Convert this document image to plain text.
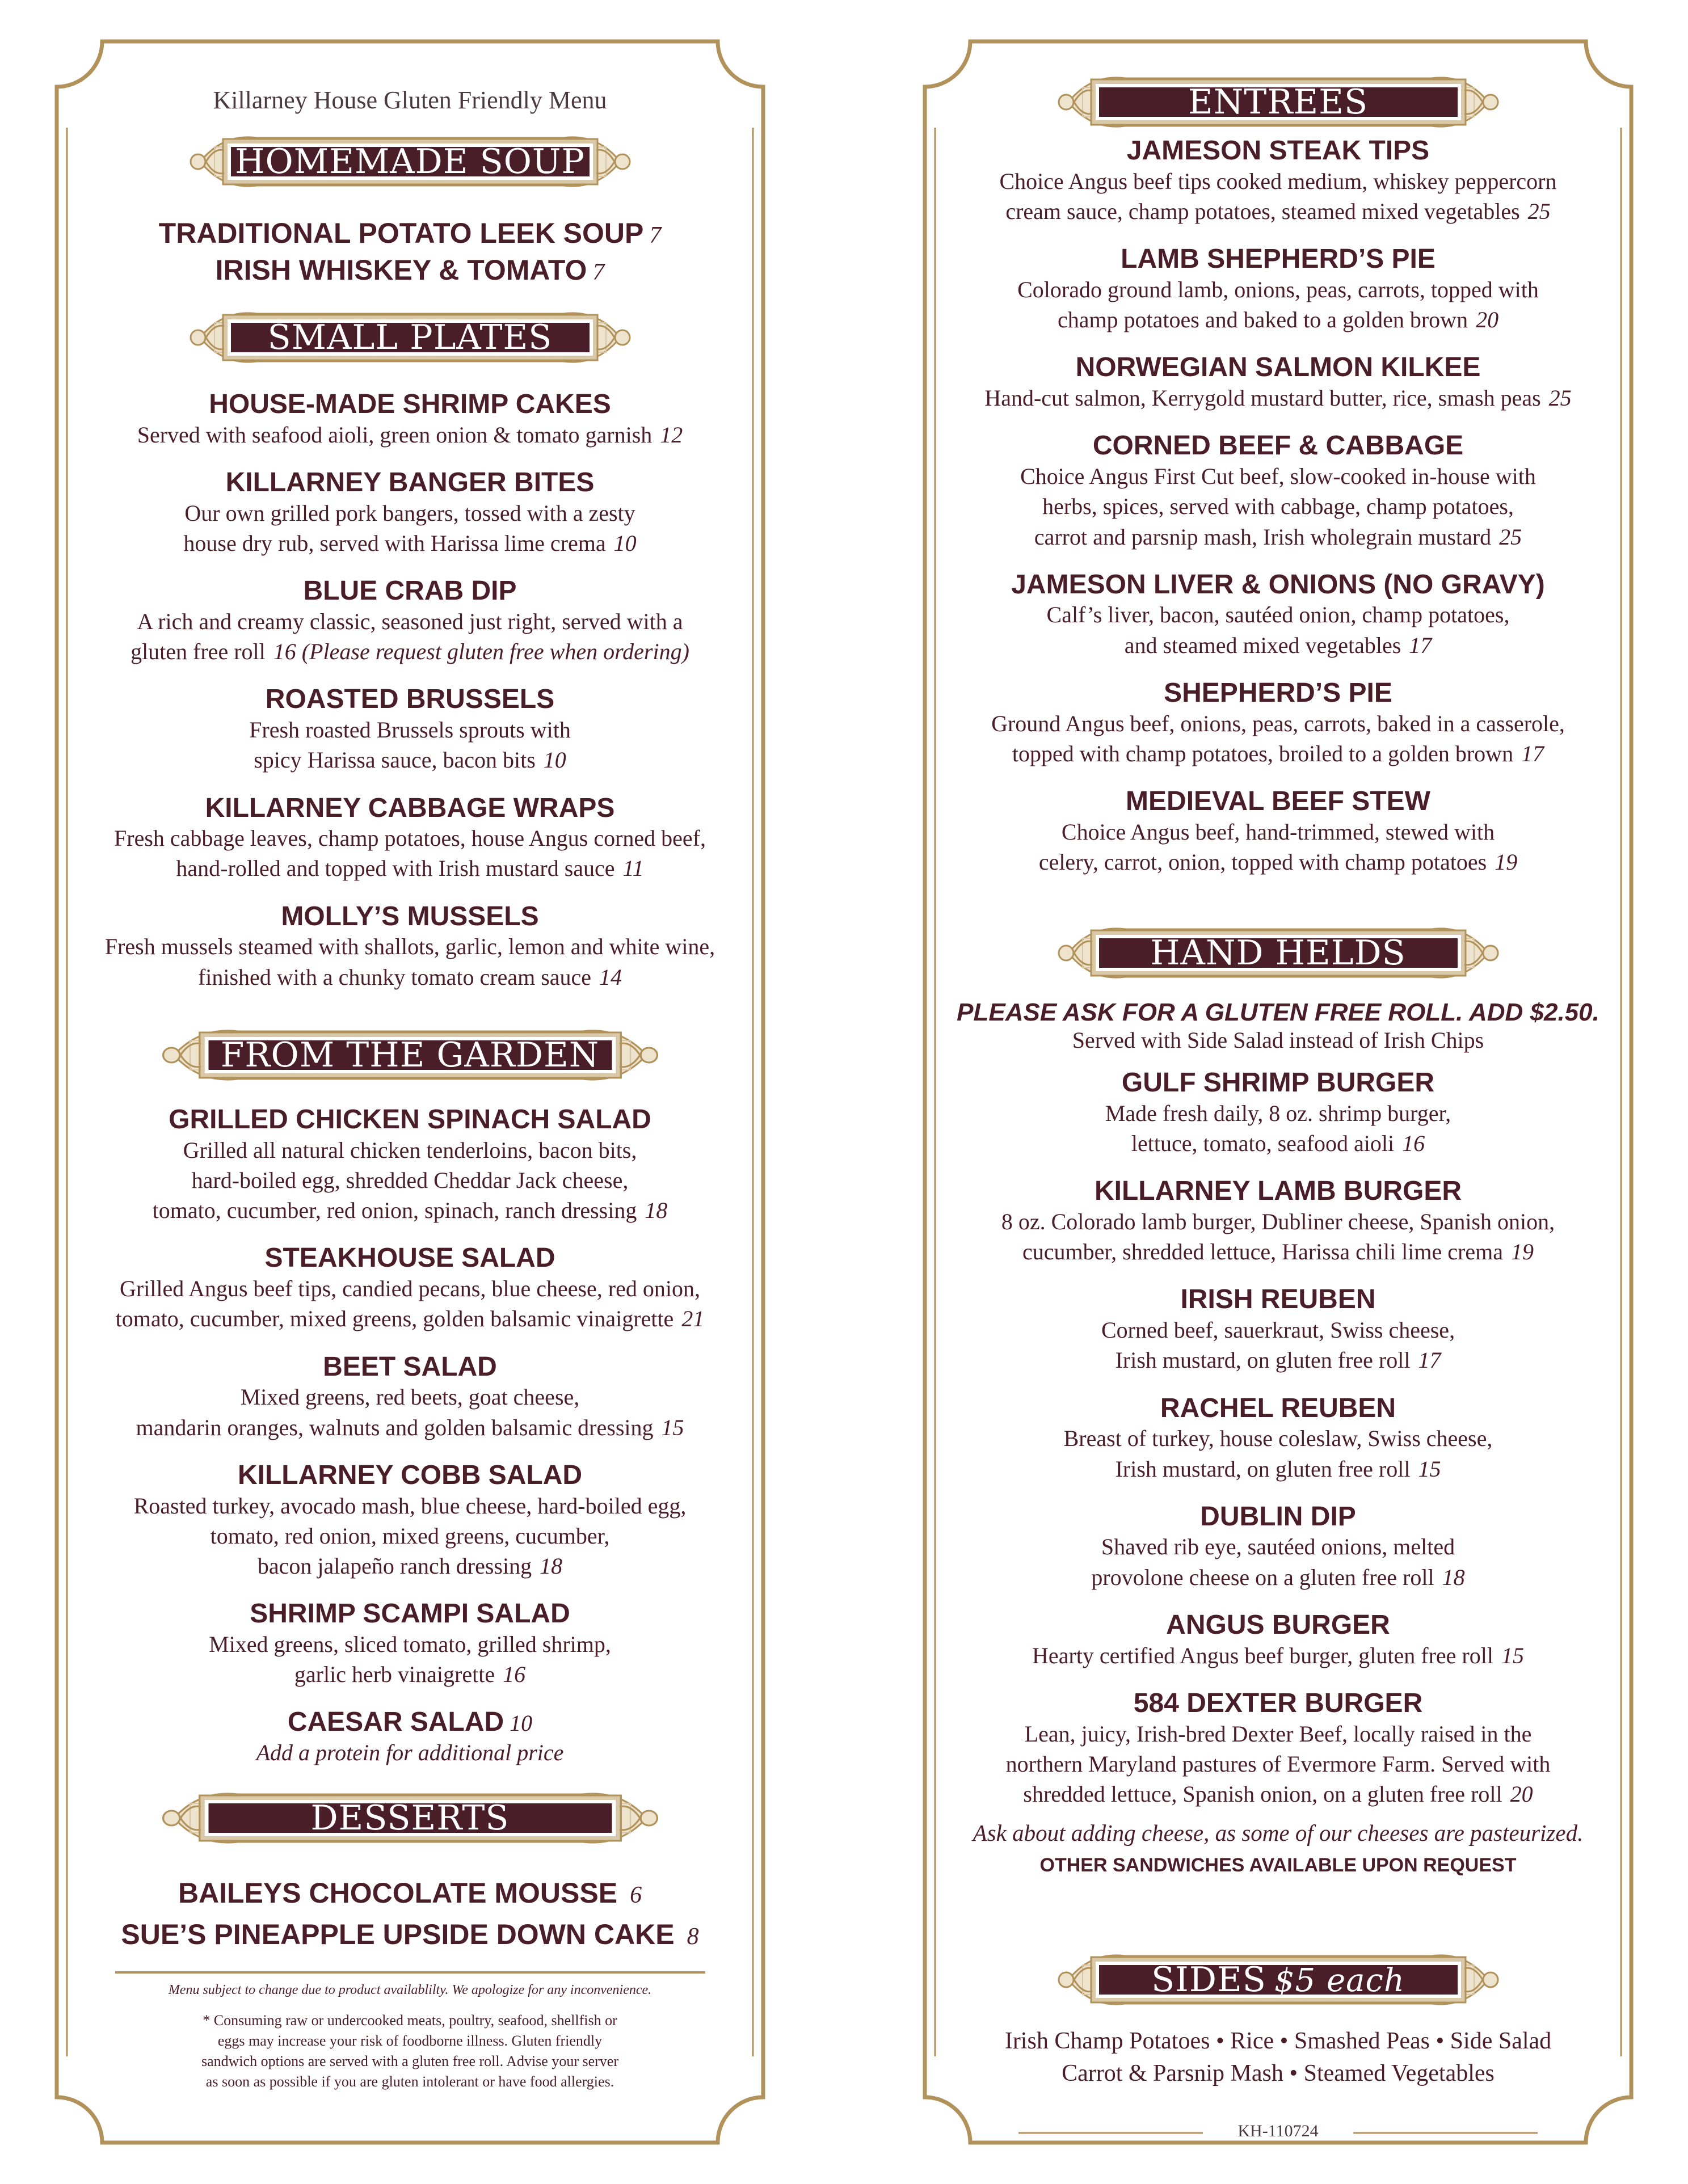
Killarney House Gluten Friendly Menu

HOMEMADE SOUP

TRADITIONAL POTATO LEEK SOUP 7

IRISH WHISKEY & TOMATO 7

SMALL PLATES

HOUSE-MADE SHRIMP CAKES

Served with seafood aioli, green onion & tomato garnish 12

KILLARNEY BANGER BITES

Our own grilled pork bangers, tossed with a zesty
house dry rub, served with Harissa lime crema 10

BLUE CRAB DIP

A rich and creamy classic, seasoned just right, served with a
gluten free roll 16 (Please request gluten free when ordering)

ROASTED BRUSSELS

Fresh roasted Brussels sprouts with
spicy Harissa sauce, bacon bits 10

KILLARNEY CABBAGE WRAPS

Fresh cabbage leaves, champ potatoes, house Angus corned beef,
hand-rolled and topped with Irish mustard sauce 11

MOLLY’S MUSSELS

Fresh mussels steamed with shallots, garlic, lemon and white wine,
finished with a chunky tomato cream sauce 14

FROM THE GARDEN

GRILLED CHICKEN SPINACH SALAD

Grilled all natural chicken tenderloins, bacon bits,
hard-boiled egg, shredded Cheddar Jack cheese,
tomato, cucumber, red onion, spinach, ranch dressing 18

STEAKHOUSE SALAD

Grilled Angus beef tips, candied pecans, blue cheese, red onion,
tomato, cucumber, mixed greens, golden balsamic vinaigrette 21

BEET SALAD

Mixed greens, red beets, goat cheese,
mandarin oranges, walnuts and golden balsamic dressing 15

KILLARNEY COBB SALAD

Roasted turkey, avocado mash, blue cheese, hard-boiled egg,
tomato, red onion, mixed greens, cucumber,
bacon jalapeño ranch dressing 18

SHRIMP SCAMPI SALAD

Mixed greens, sliced tomato, grilled shrimp,
garlic herb vinaigrette 16

CAESAR SALAD 10

Add a protein for additional price

DESSERTS

BAILEYS CHOCOLATE MOUSSE 6

SUE’S PINEAPPLE UPSIDE DOWN CAKE 8

Menu subject to change due to product availablilty. We apologize for any inconvenience.

* Consuming raw or undercooked meats, poultry, seafood, shellfish or
eggs may increase your risk of foodborne illness. Gluten friendly
sandwich options are served with a gluten free roll. Advise your server
as soon as possible if you are gluten intolerant or have food allergies.

ENTREES

JAMESON STEAK TIPS

Choice Angus beef tips cooked medium, whiskey peppercorn
cream sauce, champ potatoes, steamed mixed vegetables 25

LAMB SHEPHERD’S PIE

Colorado ground lamb, onions, peas, carrots, topped with
champ potatoes and baked to a golden brown 20

NORWEGIAN SALMON KILKEE

Hand-cut salmon, Kerrygold mustard butter, rice, smash peas 25

CORNED BEEF & CABBAGE

Choice Angus First Cut beef, slow-cooked in-house with
herbs, spices, served with cabbage, champ potatoes,
carrot and parsnip mash, Irish wholegrain mustard 25

JAMESON LIVER & ONIONS (NO GRAVY)

Calf’s liver, bacon, sautéed onion, champ potatoes,
and steamed mixed vegetables 17

SHEPHERD’S PIE

Ground Angus beef, onions, peas, carrots, baked in a casserole,
topped with champ potatoes, broiled to a golden brown 17

MEDIEVAL BEEF STEW

Choice Angus beef, hand-trimmed, stewed with
celery, carrot, onion, topped with champ potatoes 19

HAND HELDS

PLEASE ASK FOR A GLUTEN FREE ROLL. ADD $2.50.

Served with Side Salad instead of Irish Chips

GULF SHRIMP BURGER

Made fresh daily, 8 oz. shrimp burger,
lettuce, tomato, seafood aioli 16

KILLARNEY LAMB BURGER

8 oz. Colorado lamb burger, Dubliner cheese, Spanish onion,
cucumber, shredded lettuce, Harissa chili lime crema 19

IRISH REUBEN

Corned beef, sauerkraut, Swiss cheese,
Irish mustard, on gluten free roll 17

RACHEL REUBEN

Breast of turkey, house coleslaw, Swiss cheese,
Irish mustard, on gluten free roll 15

DUBLIN DIP

Shaved rib eye, sautéed onions, melted
provolone cheese on a gluten free roll 18

ANGUS BURGER

Hearty certified Angus beef burger, gluten free roll 15

584 DEXTER BURGER

Lean, juicy, Irish-bred Dexter Beef, locally raised in the
northern Maryland pastures of Evermore Farm. Served with
shredded lettuce, Spanish onion, on a gluten free roll 20

Ask about adding cheese, as some of our cheeses are pasteurized.

OTHER SANDWICHES AVAILABLE UPON REQUEST

SIDES $5 each

Irish Champ Potatoes • Rice • Smashed Peas • Side Salad

Carrot & Parsnip Mash • Steamed Vegetables

KH-110724
